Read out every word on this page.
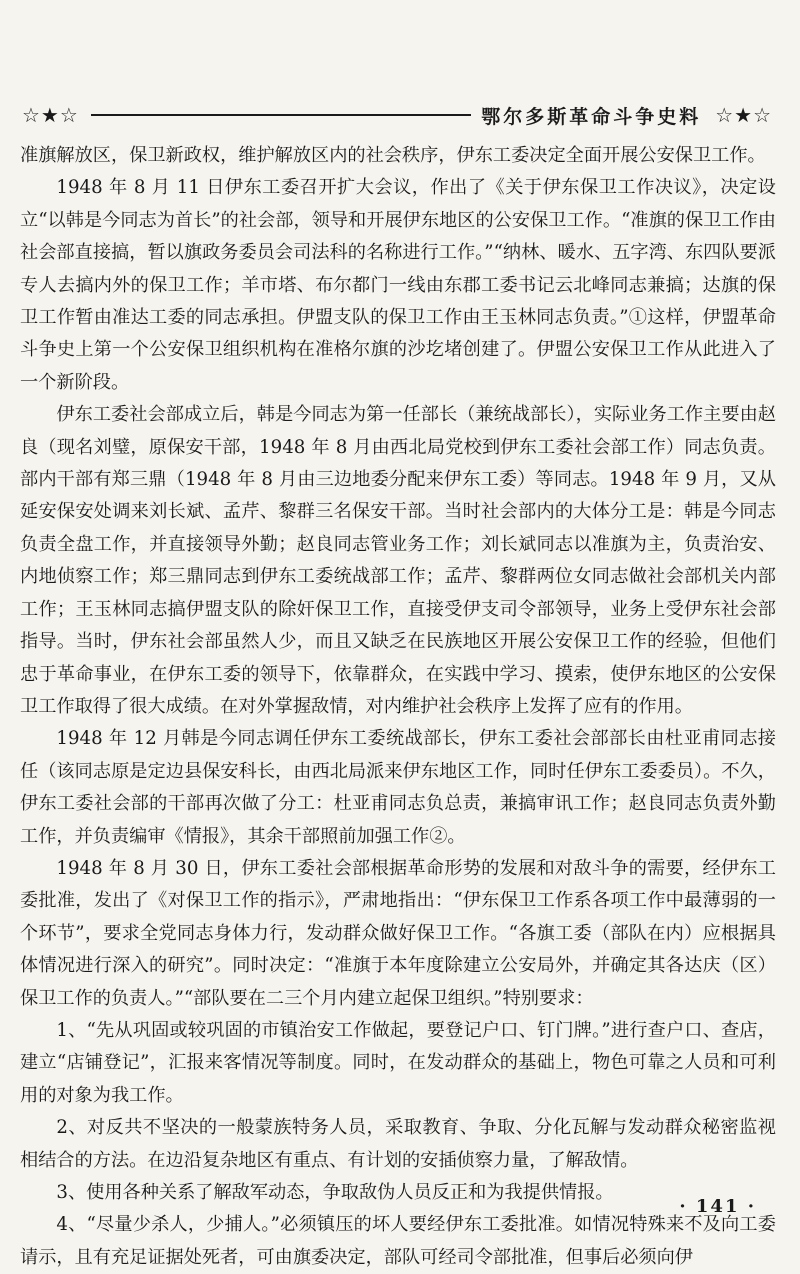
☆★☆	鄂尔多斯革命斗争史料 ☆★☆

准旗解放区，保卫新政权，维护解放区内的社会秩序，伊东工委决定全面开展公安保卫工作。

1948 年 8 月 11 日伊东工委召开扩大会议，作出了《关于伊东保卫工作决议》，决定设立“以韩是今同志为首长”的社会部，领导和开展伊东地区的公安保卫工作。“准旗的保卫工作由社会部直接搞，暂以旗政务委员会司法科的名称进行工作。”“纳林、暖水、五字湾、东四队要派专人去搞内外的保卫工作；羊市塔、布尔都门一线由东郡工委书记云北峰同志兼搞；达旗的保卫工作暂由准达工委的同志承担。伊盟支队的保卫工作由王玉林同志负责。”①这样，伊盟革命斗争史上第一个公安保卫组织机构在准格尔旗的沙圪堵创建了。伊盟公安保卫工作从此进入了一个新阶段。

伊东工委社会部成立后，韩是今同志为第一任部长（兼统战部长），实际业务工作主要由赵良（现名刘璧，原保安干部，1948 年 8 月由西北局党校到伊东工委社会部工作）同志负责。部内干部有郑三鼎（1948 年 8 月由三边地委分配来伊东工委）等同志。1948 年 9 月，又从延安保安处调来刘长斌、孟芹、黎群三名保安干部。当时社会部内的大体分工是：韩是今同志负责全盘工作，并直接领导外勤；赵良同志管业务工作；刘长斌同志以准旗为主，负责治安、内地侦察工作；郑三鼎同志到伊东工委统战部工作；孟芹、黎群两位女同志做社会部机关内部工作；王玉林同志搞伊盟支队的除奸保卫工作，直接受伊支司令部领导，业务上受伊东社会部指导。当时，伊东社会部虽然人少，而且又缺乏在民族地区开展公安保卫工作的经验，但他们忠于革命事业，在伊东工委的领导下，依靠群众，在实践中学习、摸索，使伊东地区的公安保卫工作取得了很大成绩。在对外掌握敌情，对内维护社会秩序上发挥了应有的作用。

1948 年 12 月韩是今同志调任伊东工委统战部长，伊东工委社会部部长由杜亚甫同志接任（该同志原是定边县保安科长，由西北局派来伊东地区工作，同时任伊东工委委员）。不久，伊东工委社会部的干部再次做了分工：杜亚甫同志负总责，兼搞审讯工作；赵良同志负责外勤工作，并负责编审《情报》，其余干部照前加强工作②。

1948 年 8 月 30 日，伊东工委社会部根据革命形势的发展和对敌斗争的需要，经伊东工委批准，发出了《对保卫工作的指示》，严肃地指出：“伊东保卫工作系各项工作中最薄弱的一个环节”，要求全党同志身体力行，发动群众做好保卫工作。“各旗工委（部队在内）应根据具体情况进行深入的研究”。同时决定：“准旗于本年度除建立公安局外，并确定其各达庆（区）保卫工作的负责人。”“部队要在二三个月内建立起保卫组织。”特别要求：

1、“先从巩固或较巩固的市镇治安工作做起，要登记户口、钉门牌。”进行查户口、查店，建立“店铺登记”，汇报来客情况等制度。同时，在发动群众的基础上，物色可靠之人员和可利用的对象为我工作。

2、对反共不坚决的一般蒙族特务人员，采取教育、争取、分化瓦解与发动群众秘密监视相结合的方法。在边沿复杂地区有重点、有计划的安插侦察力量，了解敌情。

3、使用各种关系了解敌军动态，争取敌伪人员反正和为我提供情报。

4、“尽量少杀人，少捕人。”必须镇压的坏人要经伊东工委批准。如情况特殊来不及向工委请示，且有充足证据处死者，可由旗委决定，部队可经司令部批准，但事后必须向伊

· 141 ·
